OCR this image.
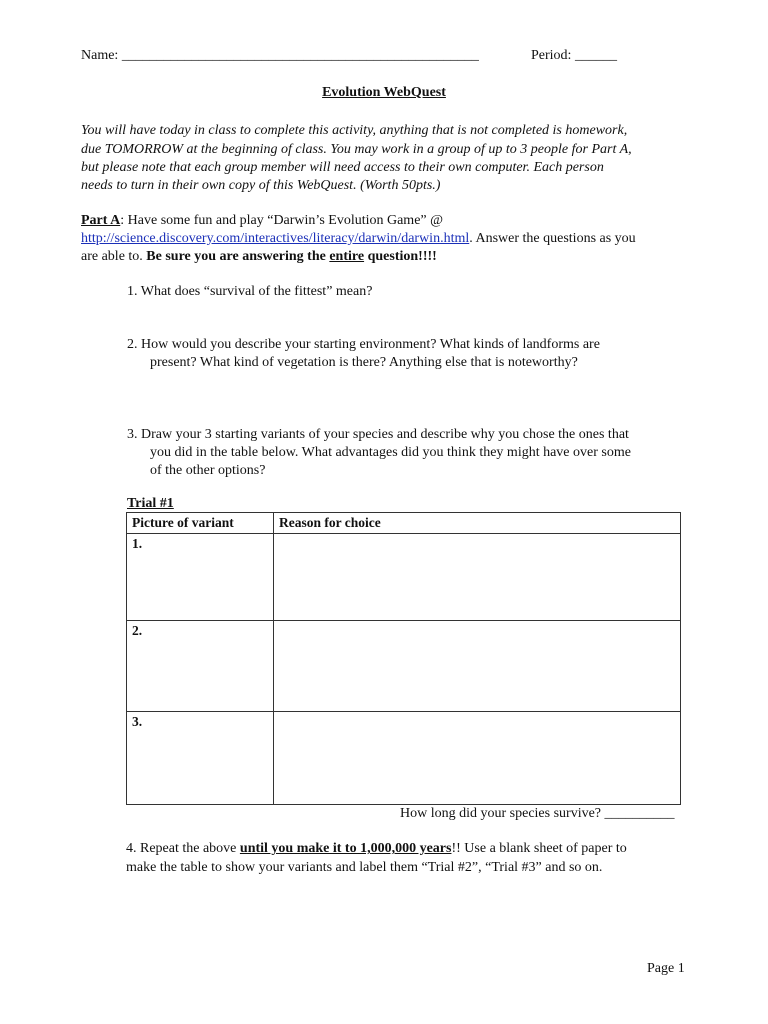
Name: ___________________________________________________	Period: ______
Evolution WebQuest
You will have today in class to complete this activity, anything that is not completed is homework,
due TOMORROW at the beginning of class. You may work in a group of up to 3 people for Part A,
but please note that each group member will need access to their own computer. Each person
needs to turn in their own copy of this WebQuest. (Worth 50pts.)
Part A: Have some fun and play “Darwin’s Evolution Game” @
http://science.discovery.com/interactives/literacy/darwin/darwin.html. Answer the questions as you
are able to. Be sure you are answering the entire question!!!!
1. What does “survival of the fittest” mean?
2. How would you describe your starting environment? What kinds of landforms are
present? What kind of vegetation is there? Anything else that is noteworthy?
3. Draw your 3 starting variants of your species and describe why you chose the ones that
you did in the table below. What advantages did you think they might have over some
of the other options?
Trial #1
Picture of variant	Reason for choice
1.	
2.	
3.	
How long did your species survive? __________
4. Repeat the above until you make it to 1,000,000 years!! Use a blank sheet of paper to
make the table to show your variants and label them “Trial #2”, “Trial #3” and so on.
Page 1
